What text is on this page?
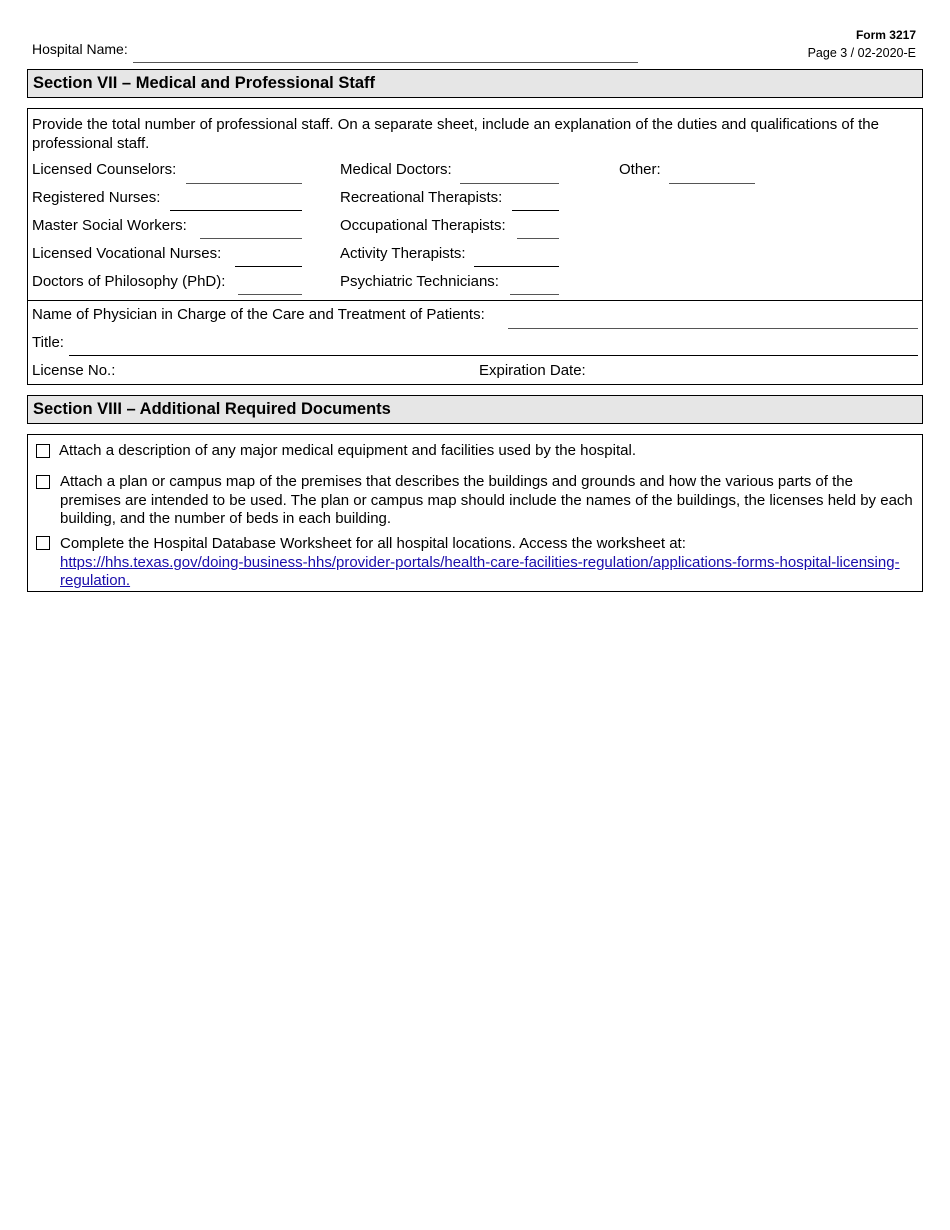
Hospital Name:
Form 3217
Page 3 / 02-2020-E
Section VII – Medical and Professional Staff
Provide the total number of professional staff. On a separate sheet, include an explanation of the duties and qualifications of the professional staff.
Licensed Counselors:	Medical Doctors:	Other:
Registered Nurses:	Recreational Therapists:
Master Social Workers:	Occupational Therapists:
Licensed Vocational Nurses:	Activity Therapists:
Doctors of Philosophy (PhD):	Psychiatric Technicians:
Name of Physician in Charge of the Care and Treatment of Patients:
Title:
License No.:	Expiration Date:
Section VIII – Additional Required Documents
Attach a description of any major medical equipment and facilities used by the hospital.
Attach a plan or campus map of the premises that describes the buildings and grounds and how the various parts of the premises are intended to be used. The plan or campus map should include the names of the buildings, the licenses held by each building, and the number of beds in each building.
Complete the Hospital Database Worksheet for all hospital locations. Access the worksheet at:
https://hhs.texas.gov/doing-business-hhs/provider-portals/health-care-facilities-regulation/applications-forms-hospital-licensing-regulation.
